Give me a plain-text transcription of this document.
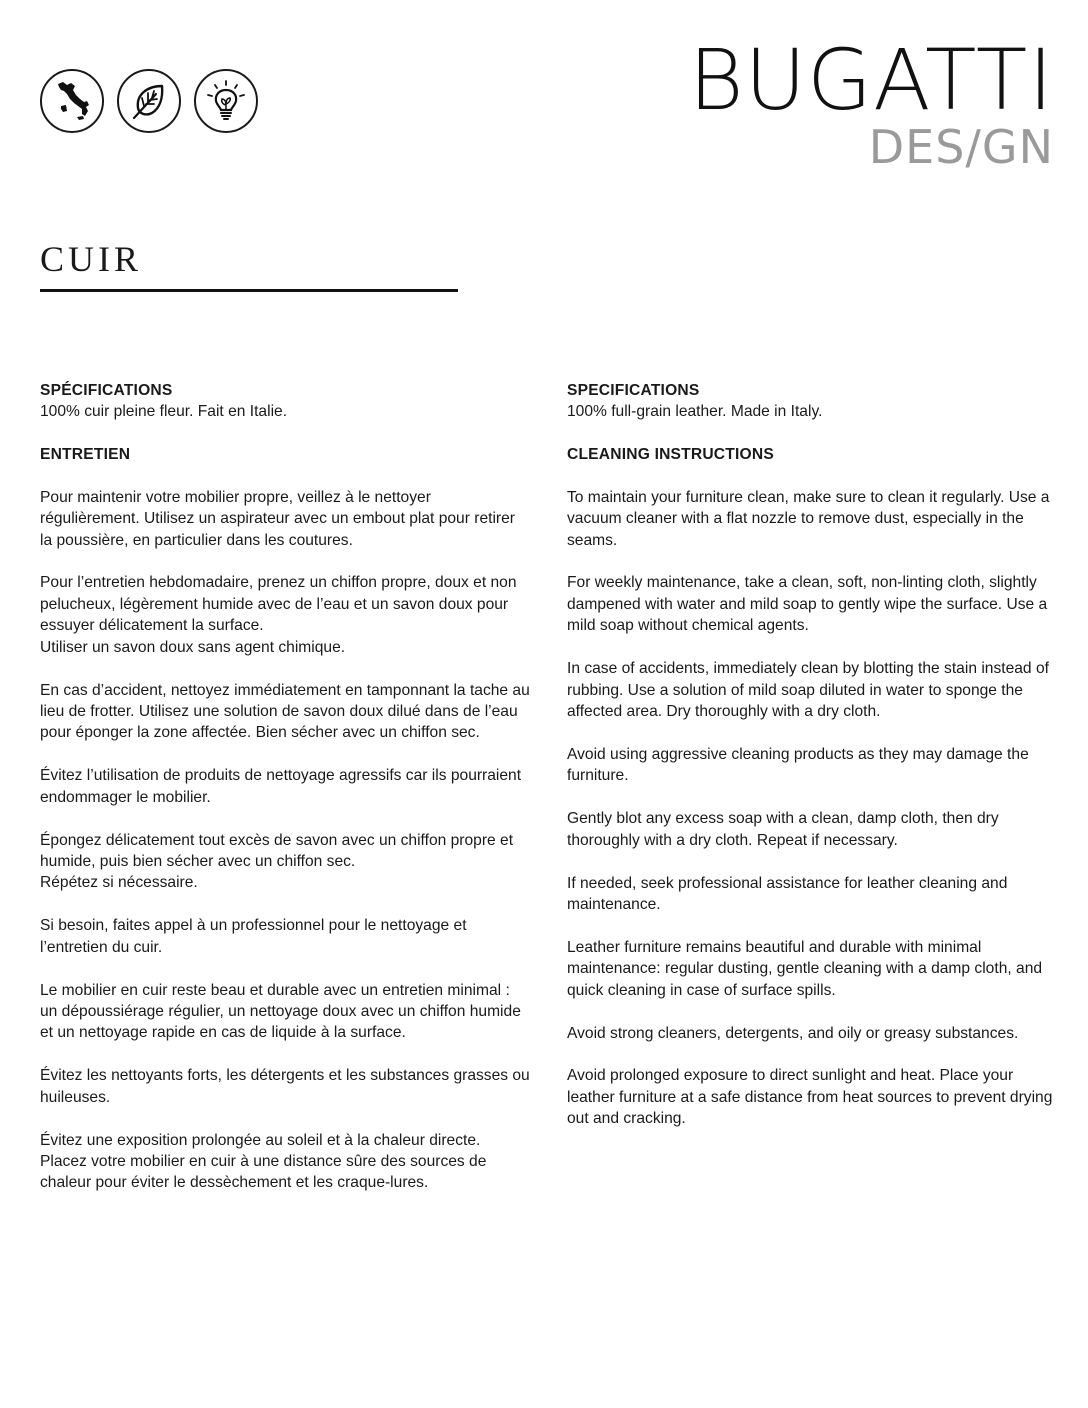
BUGATTI
DES/GN
CUIR

SPÉCIFICATIONS

100% cuir pleine fleur. Fait en Italie.

ENTRETIEN

Pour maintenir votre mobilier propre, veillez à le nettoyer régulièrement. Utilisez un aspirateur avec un embout plat pour retirer la poussière, en particulier dans les coutures.

Pour l’entretien hebdomadaire, prenez un chiffon propre, doux et non pelucheux, légèrement humide avec de l’eau et un savon doux pour essuyer délicatement la surface.
Utiliser un savon doux sans agent chimique.

En cas d’accident, nettoyez immédiatement en tamponnant la tache au lieu de frotter. Utilisez une solution de savon doux dilué dans de l’eau pour éponger la zone affectée. Bien sécher avec un chiffon sec.

Évitez l’utilisation de produits de nettoyage agressifs car ils pourraient endommager le mobilier.

Épongez délicatement tout excès de savon avec un chiffon propre et humide, puis bien sécher avec un chiffon sec.
Répétez si nécessaire.

Si besoin, faites appel à un professionnel pour le nettoyage et l’entretien du cuir.

Le mobilier en cuir reste beau et durable avec un entretien minimal : un dépoussiérage régulier, un nettoyage doux avec un chiffon humide et un nettoyage rapide en cas de liquide à la surface.

Évitez les nettoyants forts, les détergents et les substances grasses ou huileuses.

Évitez une exposition prolongée au soleil et à la chaleur directe. Placez votre mobilier en cuir à une distance sûre des sources de chaleur pour éviter le dessèchement et les craque-lures.

SPECIFICATIONS

100% full-grain leather. Made in Italy.

CLEANING INSTRUCTIONS

To maintain your furniture clean, make sure to clean it regularly. Use a vacuum cleaner with a flat nozzle to remove dust, especially in the seams.

For weekly maintenance, take a clean, soft, non-linting cloth, slightly dampened with water and mild soap to gently wipe the surface. Use a mild soap without chemical agents.

In case of accidents, immediately clean by blotting the stain instead of rubbing. Use a solution of mild soap diluted in water to sponge the affected area. Dry thoroughly with a dry cloth.

Avoid using aggressive cleaning products as they may damage the furniture.

Gently blot any excess soap with a clean, damp cloth, then dry thoroughly with a dry cloth. Repeat if necessary.

If needed, seek professional assistance for leather cleaning and maintenance.

Leather furniture remains beautiful and durable with minimal maintenance: regular dusting, gentle cleaning with a damp cloth, and quick cleaning in case of surface spills.

Avoid strong cleaners, detergents, and oily or greasy substances.

Avoid prolonged exposure to direct sunlight and heat. Place your leather furniture at a safe distance from heat sources to prevent drying out and cracking.
